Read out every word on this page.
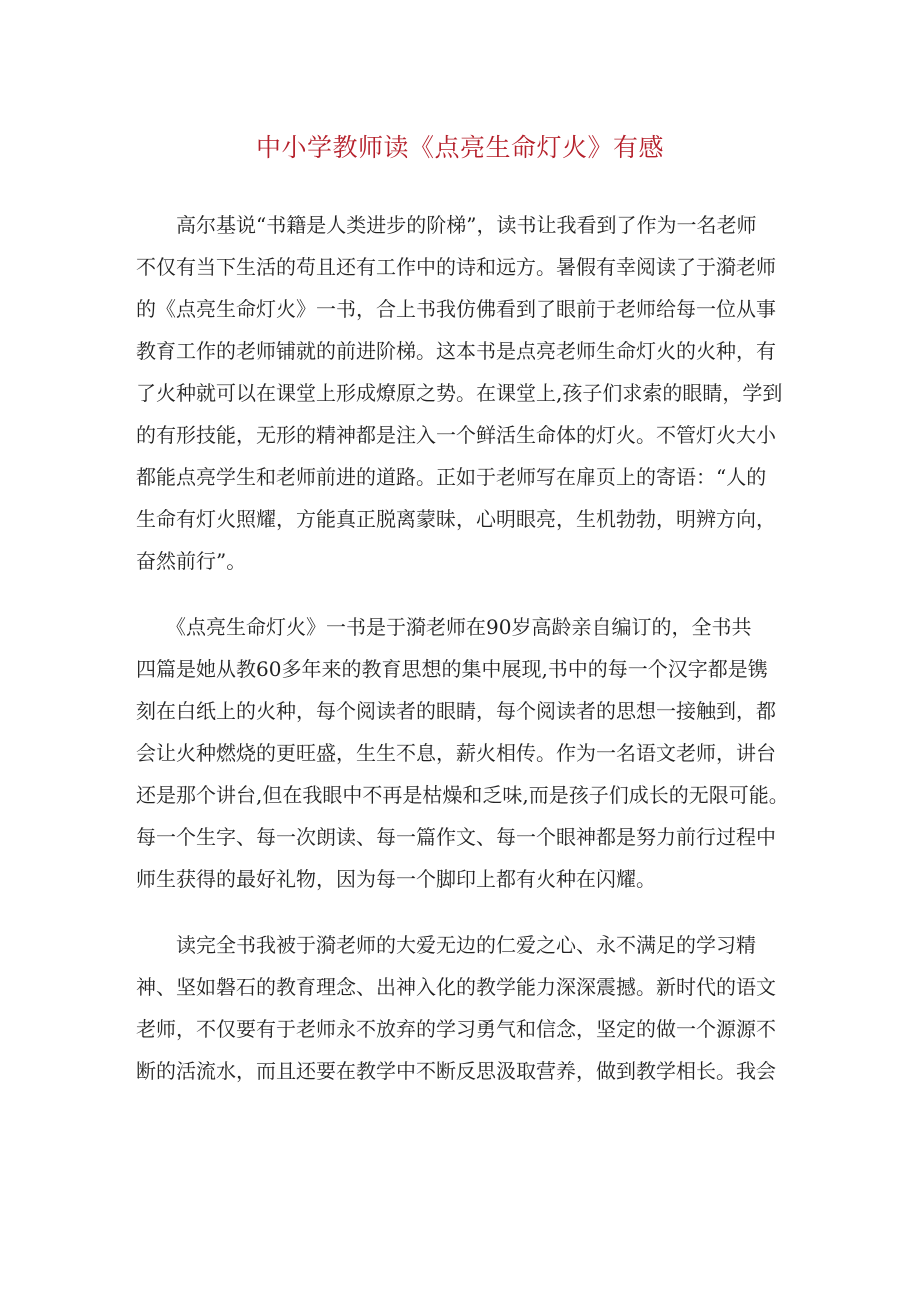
中小学教师读《点亮生命灯火》有感
　　高尔基说“书籍是人类进步的阶梯”，读书让我看到了作为一名老师
不仅有当下生活的苟且还有工作中的诗和远方。暑假有幸阅读了于漪老师
的《点亮生命灯火》一书，合上书我仿佛看到了眼前于老师给每一位从事
教育工作的老师铺就的前进阶梯。这本书是点亮老师生命灯火的火种，有
了火种就可以在课堂上形成燎原之势。在课堂上,孩子们求索的眼睛，学到
的有形技能，无形的精神都是注入一个鲜活生命体的灯火。不管灯火大小
都能点亮学生和老师前进的道路。正如于老师写在扉页上的寄语：“人的
生命有灯火照耀，方能真正脱离蒙昧，心明眼亮，生机勃勃，明辨方向，
奋然前行”。
　　《点亮生命灯火》一书是于漪老师在90岁高龄亲自编订的，全书共
四篇是她从教60多年来的教育思想的集中展现,书中的每一个汉字都是镌
刻在白纸上的火种，每个阅读者的眼睛，每个阅读者的思想一接触到，都
会让火种燃烧的更旺盛，生生不息，薪火相传。作为一名语文老师，讲台
还是那个讲台,但在我眼中不再是枯燥和乏味,而是孩子们成长的无限可能。
每一个生字、每一次朗读、每一篇作文、每一个眼神都是努力前行过程中
师生获得的最好礼物，因为每一个脚印上都有火种在闪耀。
　　读完全书我被于漪老师的大爱无边的仁爱之心、永不满足的学习精
神、坚如磐石的教育理念、出神入化的教学能力深深震撼。新时代的语文
老师，不仅要有于老师永不放弃的学习勇气和信念，坚定的做一个源源不
断的活流水，而且还要在教学中不断反思汲取营养，做到教学相长。我会
